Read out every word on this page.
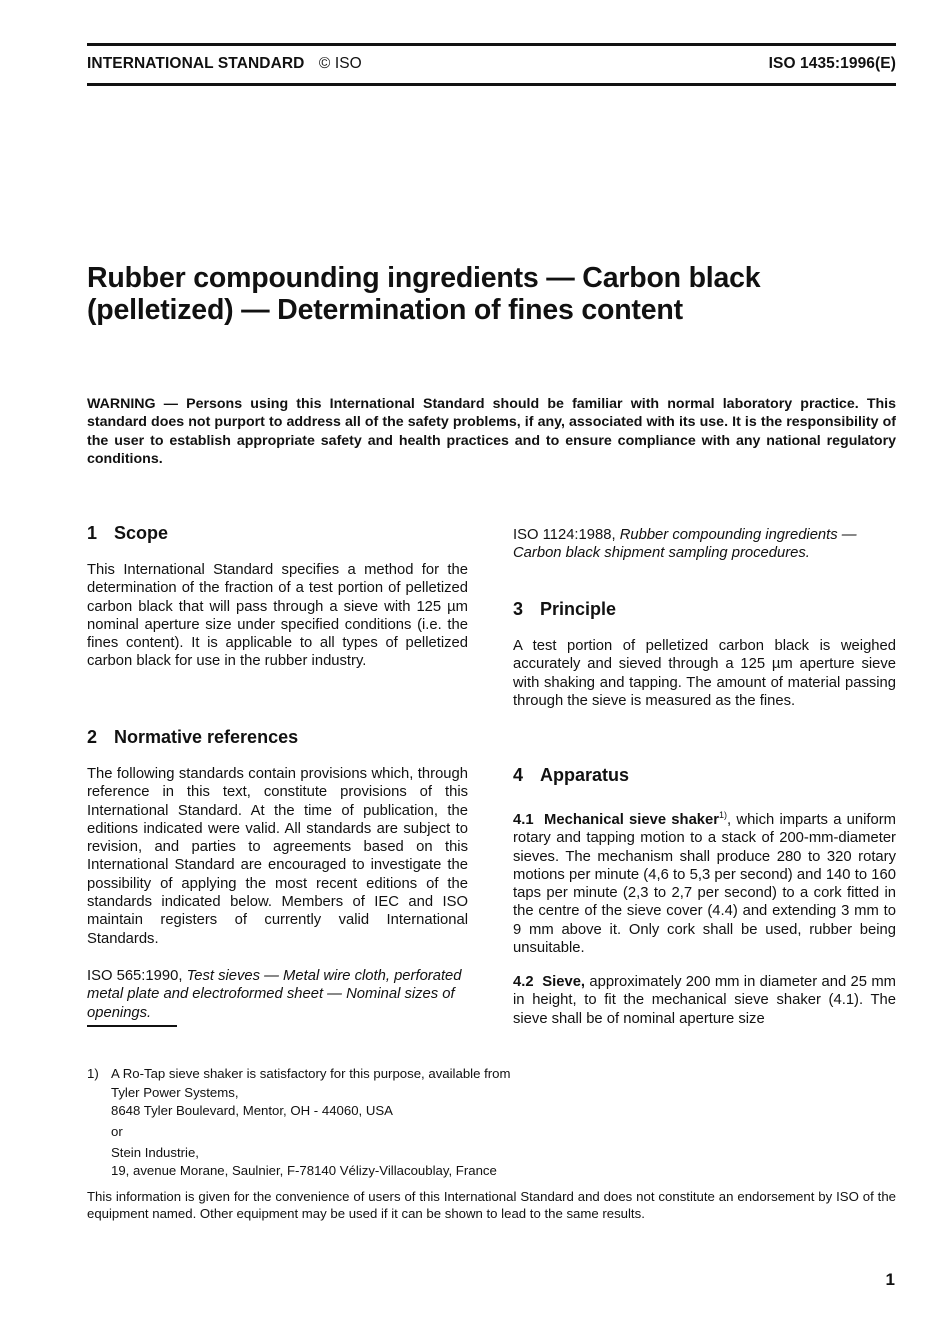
INTERNATIONAL STANDARD © ISO	ISO 1435:1996(E)
Rubber compounding ingredients — Carbon black
(pelletized) — Determination of fines content
WARNING — Persons using this International Standard should be familiar with normal laboratory practice. This standard does not purport to address all of the safety problems, if any, associated with its use. It is the responsibility of the user to establish appropriate safety and health practices and to ensure compliance with any national regulatory conditions.
1 Scope
This International Standard specifies a method for the determination of the fraction of a test portion of pelletized carbon black that will pass through a sieve with 125 µm nominal aperture size under specified conditions (i.e. the fines content). It is applicable to all types of pelletized carbon black for use in the rubber industry.
2 Normative references
The following standards contain provisions which, through reference in this text, constitute provisions of this International Standard. At the time of publication, the editions indicated were valid. All standards are subject to revision, and parties to agreements based on this International Standard are encouraged to investigate the possibility of applying the most recent editions of the standards indicated below. Members of IEC and ISO maintain registers of currently valid International Standards.
ISO 565:1990, Test sieves — Metal wire cloth, perforated metal plate and electroformed sheet — Nominal sizes of openings.
ISO 1124:1988, Rubber compounding ingredients — Carbon black shipment sampling procedures.
3 Principle
A test portion of pelletized carbon black is weighed accurately and sieved through a 125 µm aperture sieve with shaking and tapping. The amount of material passing through the sieve is measured as the fines.
4 Apparatus
4.1 Mechanical sieve shaker$^{1)}$, which imparts a uniform rotary and tapping motion to a stack of 200-mm-diameter sieves. The mechanism shall produce 280 to 320 rotary motions per minute (4,6 to 5,3 per second) and 140 to 160 taps per minute (2,3 to 2,7 per second) to a cork fitted in the centre of the sieve cover (4.4) and extending 3 mm to 9 mm above it. Only cork shall be used, rubber being unsuitable.
4.2 Sieve, approximately 200 mm in diameter and 25 mm in height, to fit the mechanical sieve shaker (4.1). The sieve shall be of nominal aperture size
1) A Ro-Tap sieve shaker is satisfactory for this purpose, available from
Tyler Power Systems,
8648 Tyler Boulevard, Mentor, OH - 44060, USA
or
Stein Industrie,
19, avenue Morane, Saulnier, F-78140 Vélizy-Villacoublay, France
This information is given for the convenience of users of this International Standard and does not constitute an endorsement by ISO of the equipment named. Other equipment may be used if it can be shown to lead to the same results.
1
